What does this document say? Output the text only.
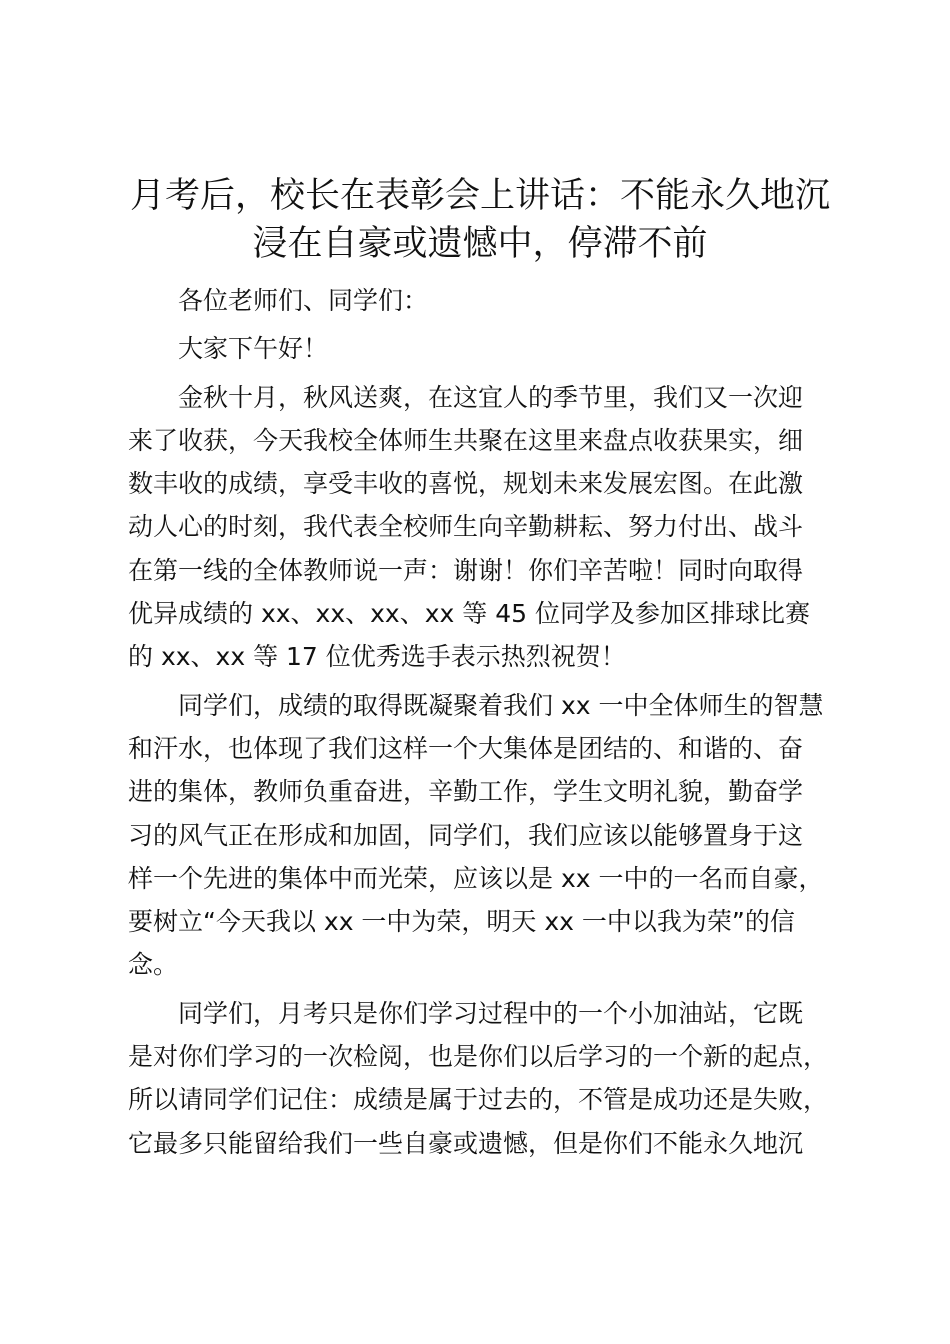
月考后，校长在表彰会上讲话：不能永久地沉
浸在自豪或遗憾中，停滞不前
各位老师们、同学们：
大家下午好！
金秋十月，秋风送爽，在这宜人的季节里，我们又一次迎
来了收获，今天我校全体师生共聚在这里来盘点收获果实，细
数丰收的成绩，享受丰收的喜悦，规划未来发展宏图。在此激
动人心的时刻，我代表全校师生向辛勤耕耘、努力付出、战斗
在第一线的全体教师说一声：谢谢！你们辛苦啦！同时向取得
优异成绩的 xx、xx、xx、xx 等 45 位同学及参加区排球比赛
的 xx、xx 等 17 位优秀选手表示热烈祝贺！
同学们，成绩的取得既凝聚着我们 xx 一中全体师生的智慧
和汗水，也体现了我们这样一个大集体是团结的、和谐的、奋
进的集体，教师负重奋进，辛勤工作，学生文明礼貌，勤奋学
习的风气正在形成和加固，同学们，我们应该以能够置身于这
样一个先进的集体中而光荣，应该以是 xx 一中的一名而自豪，
要树立“今天我以 xx 一中为荣，明天 xx 一中以我为荣”的信
念。
同学们，月考只是你们学习过程中的一个小加油站，它既
是对你们学习的一次检阅，也是你们以后学习的一个新的起点，
所以请同学们记住：成绩是属于过去的，不管是成功还是失败，
它最多只能留给我们一些自豪或遗憾，但是你们不能永久地沉
